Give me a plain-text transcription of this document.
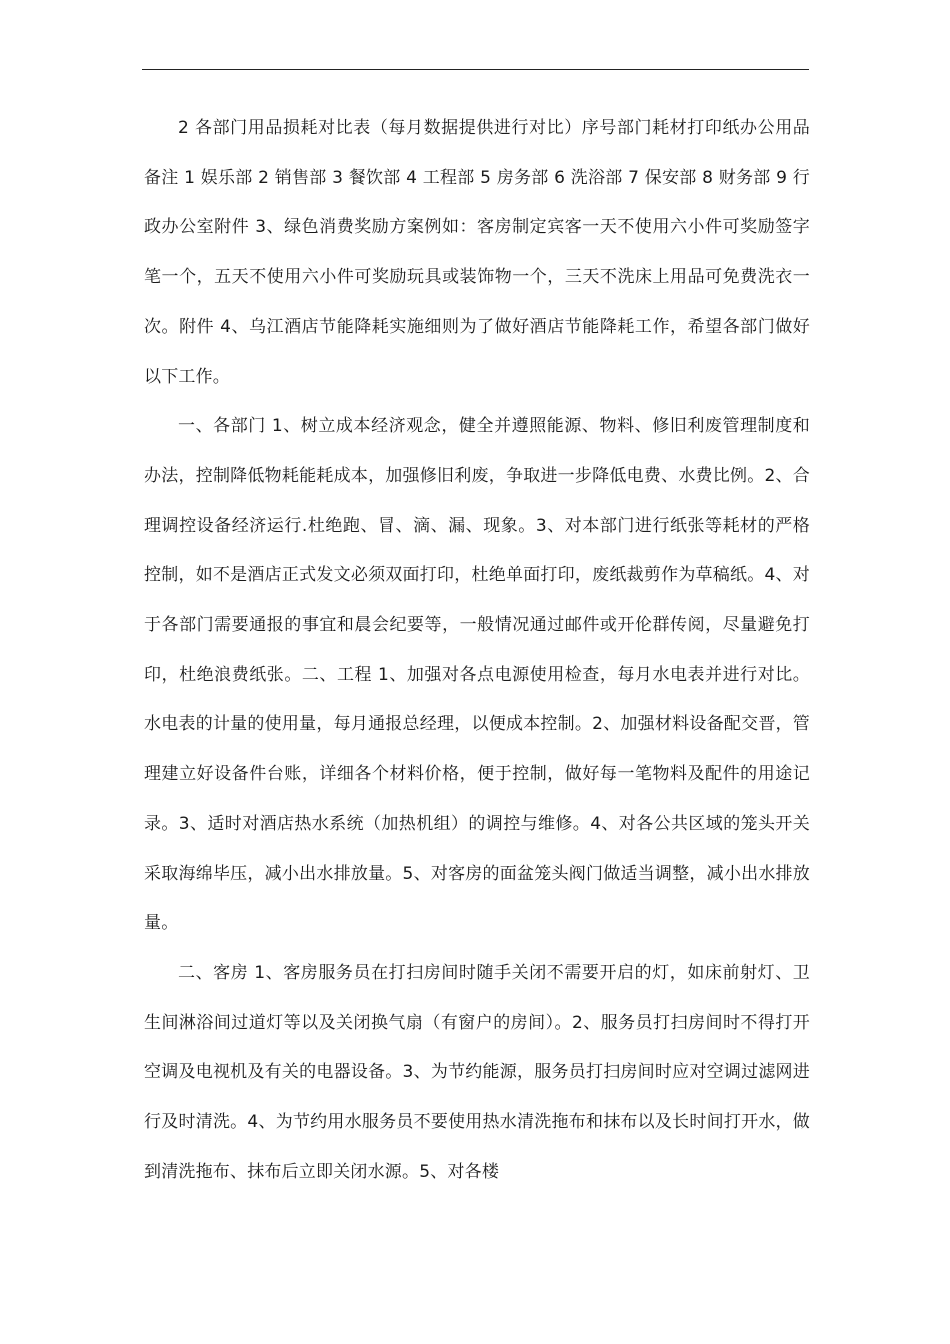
2 各部门用品损耗对比表（每月数据提供进行对比）序号部门耗材打印纸办公用品备注 1 娱乐部 2 销售部 3 餐饮部 4 工程部 5 房务部 6 洗浴部 7 保安部 8 财务部 9 行政办公室附件 3、绿色消费奖励方案例如：客房制定宾客一天不使用六小件可奖励签字笔一个，五天不使用六小件可奖励玩具或装饰物一个，三天不洗床上用品可免费洗衣一次。附件 4、乌江酒店节能降耗实施细则为了做好酒店节能降耗工作，希望各部门做好以下工作。

一、各部门 1、树立成本经济观念，健全并遵照能源、物料、修旧利废管理制度和办法，控制降低物耗能耗成本，加强修旧利废，争取进一步降低电费、水费比例。2、合理调控设备经济运行.杜绝跑、冒、滴、漏、现象。3、对本部门进行纸张等耗材的严格控制，如不是酒店正式发文必须双面打印，杜绝单面打印，废纸裁剪作为草稿纸。4、对于各部门需要通报的事宜和晨会纪要等，一般情况通过邮件或开伦群传阅，尽量避免打印，杜绝浪费纸张。二、工程 1、加强对各点电源使用检查，每月水电表并进行对比。水电表的计量的使用量，每月通报总经理，以便成本控制。2、加强材料设备配交晋，管理建立好设备件台账，详细各个材料价格，便于控制，做好每一笔物料及配件的用途记录。3、适时对酒店热水系统（加热机组）的调控与维修。4、对各公共区域的笼头开关采取海绵毕压，减小出水排放量。5、对客房的面盆笼头阀门做适当调整，减小出水排放量。

二、客房 1、客房服务员在打扫房间时随手关闭不需要开启的灯，如床前射灯、卫生间淋浴间过道灯等以及关闭换气扇（有窗户的房间）。2、服务员打扫房间时不得打开空调及电视机及有关的电器设备。3、为节约能源，服务员打扫房间时应对空调过滤网进行及时清洗。4、为节约用水服务员不要使用热水清洗拖布和抹布以及长时间打开水，做到清洗拖布、抹布后立即关闭水源。5、对各楼
